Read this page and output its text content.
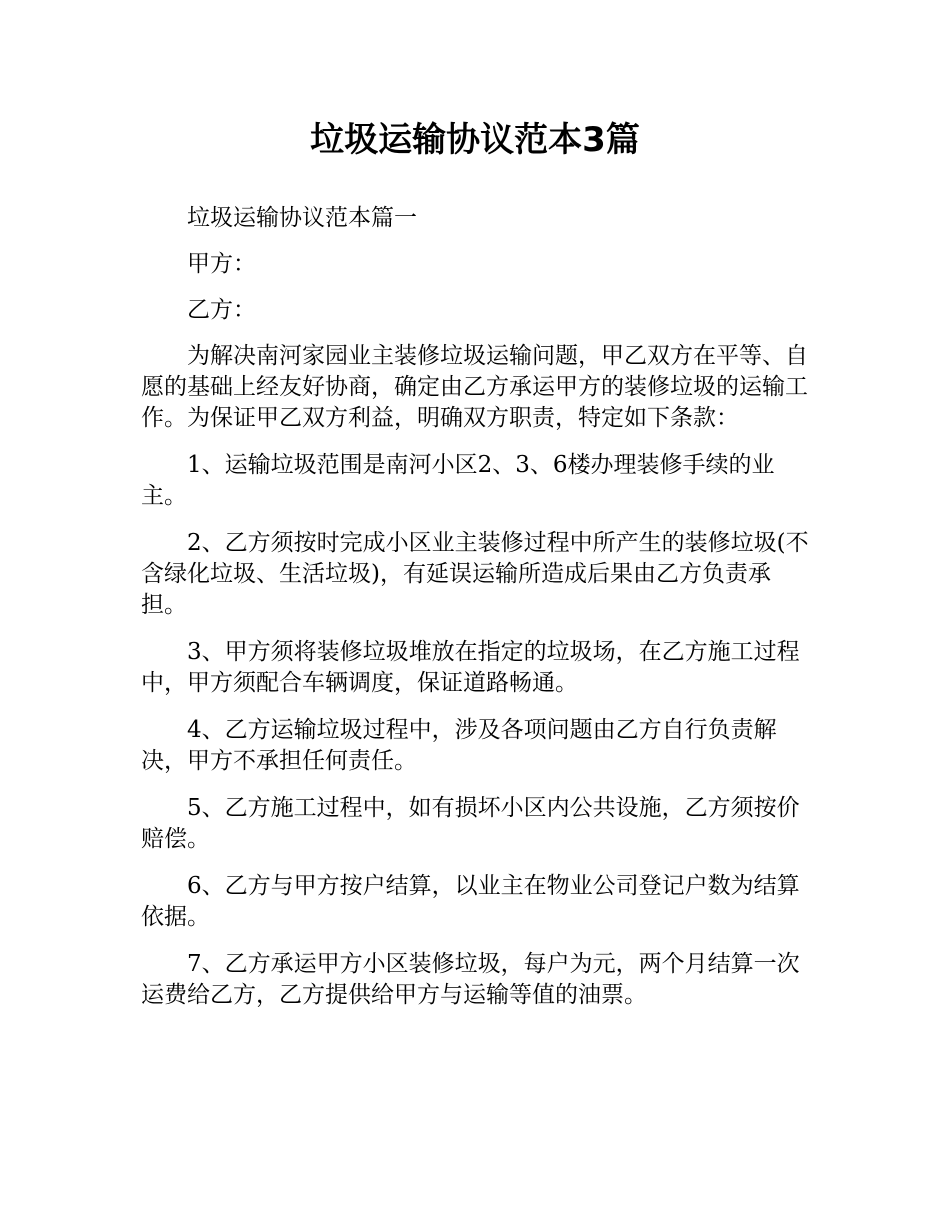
垃圾运输协议范本3篇

垃圾运输协议范本篇一

甲方：

乙方：

为解决南河家园业主装修垃圾运输问题，甲乙双方在平等、自愿的基础上经友好协商，确定由乙方承运甲方的装修垃圾的运输工作。为保证甲乙双方利益，明确双方职责，特定如下条款：

1、运输垃圾范围是南河小区2、3、6楼办理装修手续的业主。

2、乙方须按时完成小区业主装修过程中所产生的装修垃圾(不含绿化垃圾、生活垃圾)，有延误运输所造成后果由乙方负责承担。

3、甲方须将装修垃圾堆放在指定的垃圾场，在乙方施工过程中，甲方须配合车辆调度，保证道路畅通。

4、乙方运输垃圾过程中，涉及各项问题由乙方自行负责解决，甲方不承担任何责任。

5、乙方施工过程中，如有损坏小区内公共设施，乙方须按价赔偿。

6、乙方与甲方按户结算，以业主在物业公司登记户数为结算依据。

7、乙方承运甲方小区装修垃圾，每户为元，两个月结算一次运费给乙方，乙方提供给甲方与运输等值的油票。
